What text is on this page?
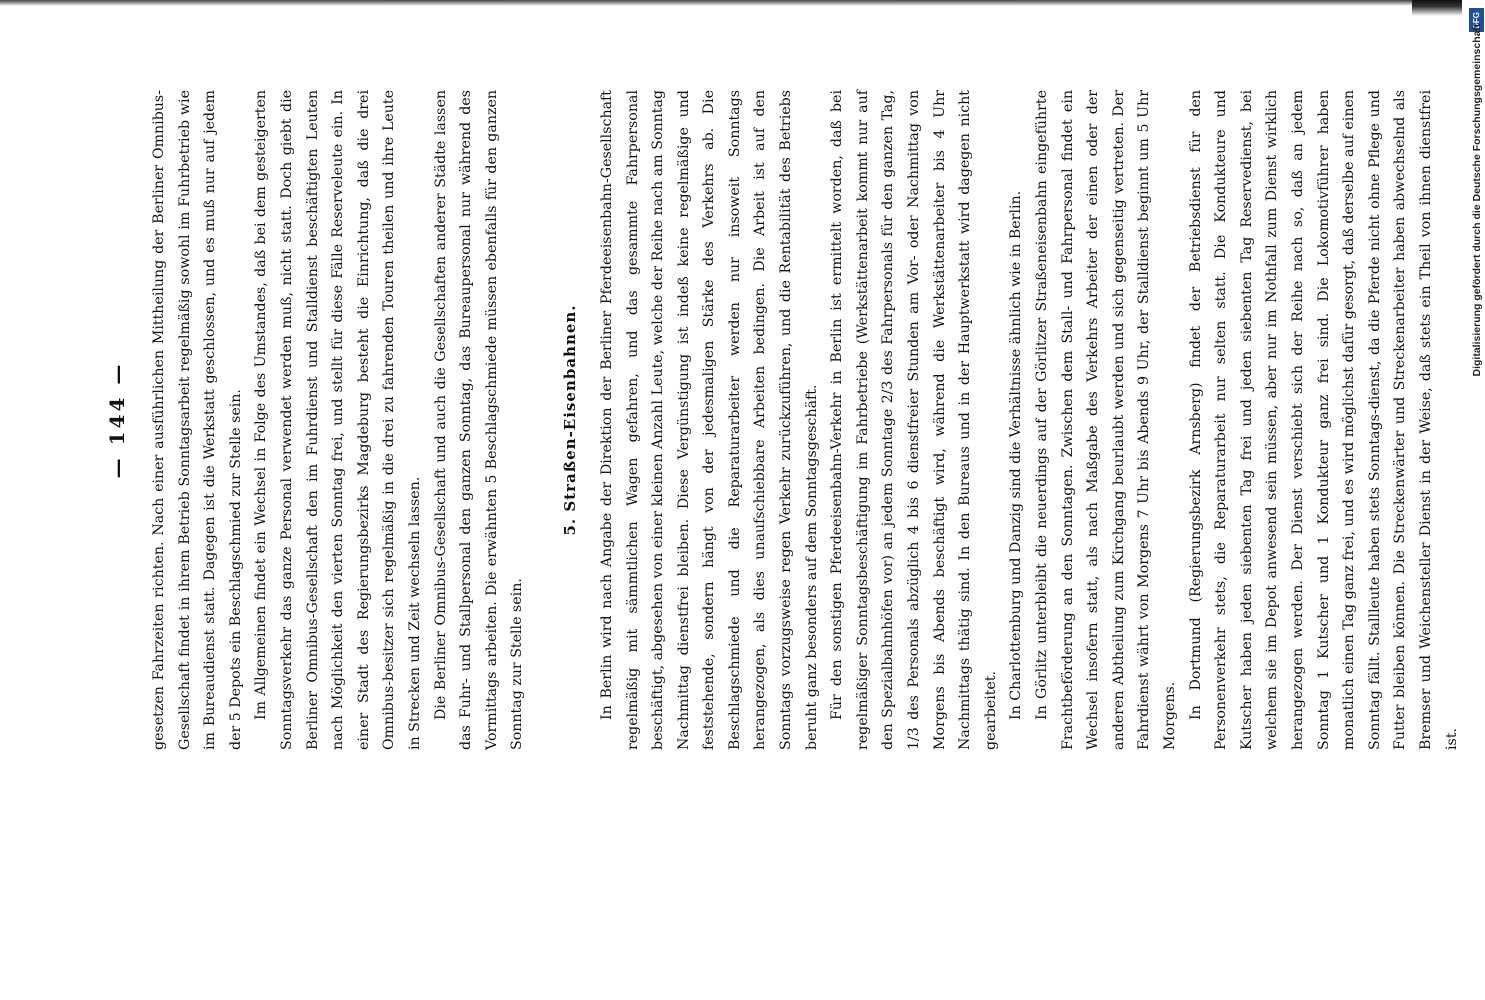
— 144 — gesetzen Fahrzeiten richten. Nach einer ausführlichen Mittheilung der Berliner Omnibus-Gesellschaft findet in ihrem Betrieb Sonntagsarbeit regelmäßig sowohl im Fuhrbetrieb wie im Bureaudienst statt. Dagegen ist die Werkstatt geschlossen, und es muß nur auf jedem der 5 Depots ein Beschlagschmied zur Stelle sein. Im Allgemeinen findet ein Wechsel in Folge des Umstandes, daß bei dem gesteigerten Sonntagsverkehr das ganze Personal verwendet werden muß, nicht statt. Doch giebt die Berliner Omnibus-Gesellschaft den im Fuhrdienst und Stalldienst beschäftigten Leuten nach Möglichkeit den vierten Sonntag frei, und stellt für diese Fälle Reserveleute ein. In einer Stadt des Regierungsbezirks Magdeburg besteht die Einrichtung, daß die drei Omnibus-besitzer sich regelmäßig in die drei zu fahrenden Touren theilen und ihre Leute in Strecken und Zeit wechseln lassen. Die Berliner Omnibus-Gesellschaft und auch die Gesellschaften anderer Städte lassen das Fuhr- und Stallpersonal den ganzen Sonntag, das Bureaupersonal nur während des Vormittags arbeiten. Die erwähnten 5 Beschlagschmiede müssen ebenfalls für den ganzen Sonntag zur Stelle sein.

5. Straßen-Eisenbahnen. In Berlin wird nach Angabe der Direktion der Berliner Pferdeeisenbahn-Gesellschaft regelmäßig mit sämmtlichen Wagen gefahren, und das gesammte Fahrpersonal beschäftigt, abgesehen von einer kleinen Anzahl Leute, welche der Reihe nach am Sonntag Nachmittag dienstfrei bleiben. Diese Vergünstigung ist indeß keine regelmäßige und feststehende, sondern hängt von der jedesmaligen Stärke des Verkehrs ab. Die Beschlagschmiede und die Reparaturarbeiter werden nur insoweit Sonntags herangezogen, als dies unaufschiebbare Arbeiten bedingen. Die Arbeit ist auf den Sonntags vorzugsweise regen Verkehr zurückzuführen, und die Rentabilität des Betriebs beruht ganz besonders auf dem Sonntagsgeschäft. Für den sonstigen Pferdeeisenbahn-Verkehr in Berlin ist ermittelt worden, daß bei regelmäßiger Sonntagsbeschäftigung im Fahrbetriebe (Werkstättenarbeit kommt nur auf den Spezialbahnhöfen vor) an jedem Sonntage 2/3 des Fahrpersonals für den ganzen Tag, 1/3 des Personals abzüglich 4 bis 6 dienstfreier Stunden am Vor- oder Nachmittag von Morgens bis Abends beschäftigt wird, während die Werkstättenarbeiter bis 4 Uhr Nachmittags thätig sind. In den Bureaus und in der Hauptwerkstatt wird dagegen nicht gearbeitet. In Charlottenburg und Danzig sind die Verhältnisse ähnlich wie in Berlin. In Görlitz unterbleibt die neuerdings auf der Görlitzer Straßeneisenbahn eingeführte Frachtbeförderung an den Sonntagen. Zwischen dem Stall- und Fahrpersonal findet ein Wechsel insofern statt, als nach Maßgabe des Verkehrs Arbeiter der einen oder der anderen Abtheilung zum Kirchgang beurlaubt werden und sich gegenseitig vertreten. Der Fahrdienst währt von Morgens 7 Uhr bis Abends 9 Uhr, der Stalldienst beginnt um 5 Uhr Morgens. In Dortmund (Regierungsbezirk Arnsberg) findet der Betriebsdienst für den Personenverkehr stets, die Reparaturarbeit nur selten statt. Die Kondukteure und Kutscher haben jeden siebenten Tag frei und jeden siebenten Tag Reservedienst, bei welchem sie im Depot anwesend sein müssen, aber nur im Nothfall zum Dienst wirklich herangezogen werden. Der Dienst verschiebt sich der Reihe nach so, daß an jedem Sonntag 1 Kutscher und 1 Kondukteur ganz frei sind. Die Lokomotivführer haben monatlich einen Tag ganz frei, und es wird möglichst dafür gesorgt, daß derselbe auf einen Sonntag fällt. Stallleute haben stets Sonntags-dienst, da die Pferde nicht ohne Pflege und Futter bleiben können. Die Streckenwärter und Streckenarbeiter haben abwechselnd als Bremser und Weichensteller Dienst in der Weise, daß stets ein Theil von ihnen dienstfrei ist.

DFG
Digitalisierung gefördert durch die Deutsche Forschungsgemeinschaft
